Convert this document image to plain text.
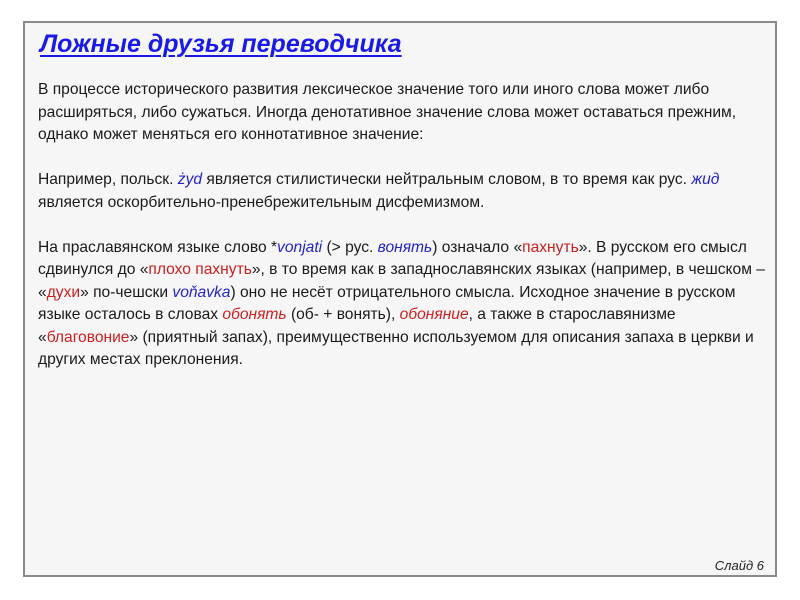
Ложные друзья переводчика

В процессе исторического развития лексическое значение того или иного слова может либо расширяться, либо сужаться. Иногда денотативное значение слова может оставаться прежним, однако может меняться его коннотативное значение:

Например, польск. żyd является стилистически нейтральным словом, в то время как рус. жид является оскорбительно-пренебрежительным дисфемизмом.

На праславянском языке слово *vonjati (> рус. вонять) означало «пахнуть». В русском его смысл сдвинулся до «плохо пахнуть», в то время как в западнославянских языках (например, в чешском – «духи» по-чешски voňavka) оно не несёт отрицательного смысла. Исходное значение в русском языке осталось в словах обонять (об- + вонять), обоняние, а также в старославянизме «благовоние» (приятный запах), преимущественно используемом для описания запаха в церкви и других местах преклонения.

Слайд 6
